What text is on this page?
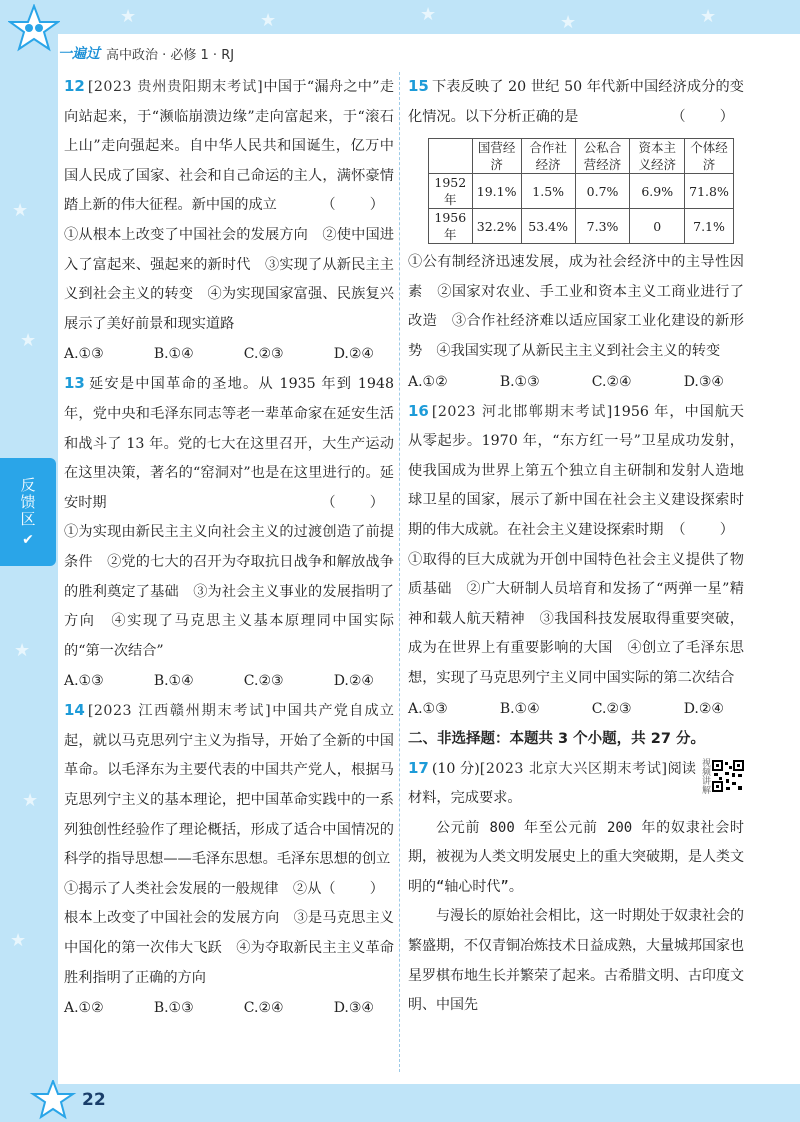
★	★	★	★	★
★
★
★
★
★
一遍过 高中政治 · 必修 1 · RJ
反馈区
✔

12 [2023 贵州贵阳期末考试]中国于“漏舟之中”走向站起来，于“濒临崩溃边缘”走向富起来，于“滚石上山”走向强起来。自中华人民共和国诞生，亿万中国人民成了国家、社会和自己命运的主人，满怀豪情踏上新的伟大征程。新中国的成立	（　）

①从根本上改变了中国社会的发展方向　②使中国进入了富起来、强起来的新时代　③实现了从新民主主义到社会主义的转变　④为实现国家富强、民族复兴展示了美好前景和现实道路

A.①③	B.①④	C.②③	D.②④

13 延安是中国革命的圣地。从 1935 年到 1948 年，党中央和毛泽东同志等老一辈革命家在延安生活和战斗了 13 年。党的七大在这里召开，大生产运动在这里决策，著名的“窑洞对”也是在这里进行的。延安时期	（　）

①为实现由新民主主义向社会主义的过渡创造了前提条件　②党的七大的召开为夺取抗日战争和解放战争的胜利奠定了基础　③为社会主义事业的发展指明了方向　④实现了马克思主义基本原理同中国实际的“第一次结合”

A.①③	B.①④	C.②③	D.②④

14 [2023 江西赣州期末考试]中国共产党自成立起，就以马克思列宁主义为指导，开始了全新的中国革命。以毛泽东为主要代表的中国共产党人，根据马克思列宁主义的基本理论，把中国革命实践中的一系列独创性经验作了理论概括，形成了适合中国情况的科学的指导思想——毛泽东思想。毛泽东思想的创立
（　）

①揭示了人类社会发展的一般规律　②从根本上改变了中国社会的发展方向　③是马克思主义中国化的第一次伟大飞跃　④为夺取新民主主义革命胜利指明了正确的方向

A.①②	B.①③	C.②④	D.③④

15 下表反映了 20 世纪 50 年代新中国经济成分的变化情况。以下分析正确的是	（　）

	国营经济	合作社经济	公私合营经济	资本主义经济	个体经济
1952 年	19.1%	1.5%	0.7%	6.9%	71.8%
1956 年	32.2%	53.4%	7.3%	0	7.1%

①公有制经济迅速发展，成为社会经济中的主导性因素　②国家对农业、手工业和资本主义工商业进行了改造　③合作社经济难以适应国家工业化建设的新形势　④我国实现了从新民主主义到社会主义的转变

A.①②	B.①③	C.②④	D.③④

16 [2023 河北邯郸期末考试]1956 年，中国航天从零起步。1970 年，“东方红一号”卫星成功发射，使我国成为世界上第五个独立自主研制和发射人造地球卫星的国家，展示了新中国在社会主义建设探索时期的伟大成就。在社会主义建设探索时期 （　）

①取得的巨大成就为开创中国特色社会主义提供了物质基础　②广大研制人员培育和发扬了“两弹一星”精神和载人航天精神　③我国科技发展取得重要突破，成为在世界上有重要影响的大国　④创立了毛泽东思想，实现了马克思列宁主义同中国实际的第二次结合

A.①③	B.①④	C.②③	D.②④
二、非选择题：本题共 3 个小题，共 27 分。
视频讲解

17 (10 分)[2023 北京大兴区期末考试]阅读材料，完成要求。

公元前 800 年至公元前 200 年的奴隶社会时期，被视为人类文明发展史上的重大突破期，是人类文明的“轴心时代”。

与漫长的原始社会相比，这一时期处于奴隶社会的繁盛期，不仅青铜冶炼技术日益成熟，大量城邦国家也星罗棋布地生长并繁荣了起来。古希腊文明、古印度文明、中国先

22
